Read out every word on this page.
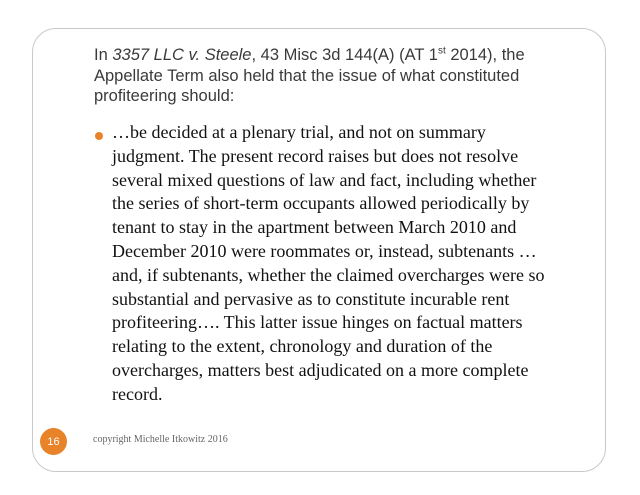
In 3357 LLC v. Steele, 43 Misc 3d 144(A) (AT 1st 2014), the Appellate Term also held that the issue of what constituted profiteering should:

…be decided at a plenary trial, and not on summary
judgment. The present record raises but does not resolve
several mixed questions of law and fact, including whether
the series of short-term occupants allowed periodically by
tenant to stay in the apartment between March 2010 and
December 2010 were roommates or, instead, subtenants …
and, if subtenants, whether the claimed overcharges were so
substantial and pervasive as to constitute incurable rent
profiteering…. This latter issue hinges on factual matters
relating to the extent, chronology and duration of the
overcharges, matters best adjudicated on a more complete
record.

16	copyright Michelle Itkowitz 2016
